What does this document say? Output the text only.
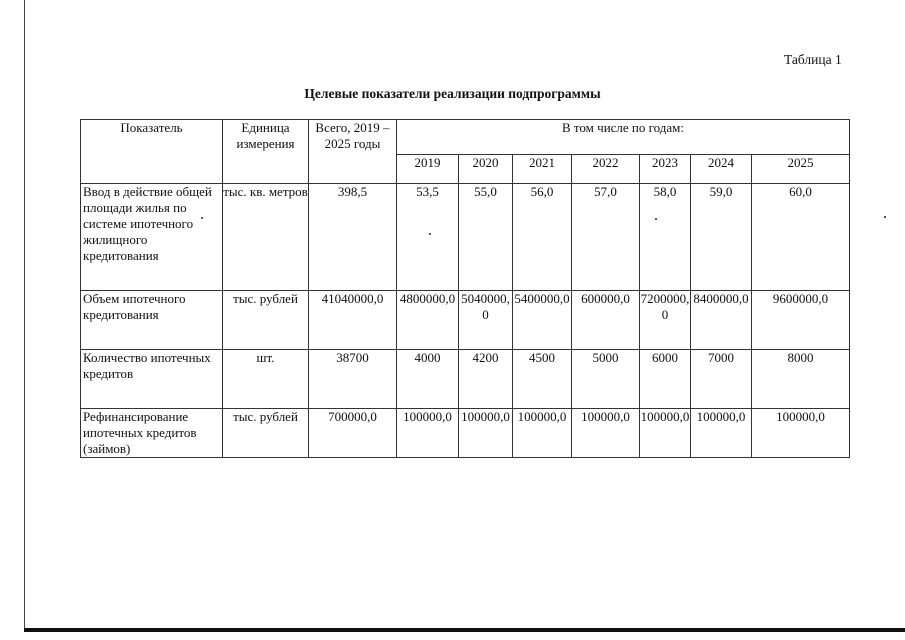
Таблица 1
Целевые показатели реализации подпрограммы
Показатель	Единица измерения	Всего, 2019 – 2025 годы	В том числе по годам:						
			2019	2020	2021	2022	2023	2024	2025
Ввод в действие общей площади жилья по системе ипотечного жилищного кредитования	тыс. кв. метров	398,5	53,5	55,0	56,0	57,0	58,0	59,0	60,0
Объем ипотечного кредитования	тыс. рублей	41040000,0	4800000,0	5040000,0	5400000,0	600000,0	7200000,0	8400000,0	9600000,0
Количество ипотечных кредитов	шт.	38700	4000	4200	4500	5000	6000	7000	8000
Рефинансирование ипотечных кредитов (займов)	тыс. рублей	700000,0	100000,0	100000,0	100000,0	100000,0	100000,0	100000,0	100000,0
